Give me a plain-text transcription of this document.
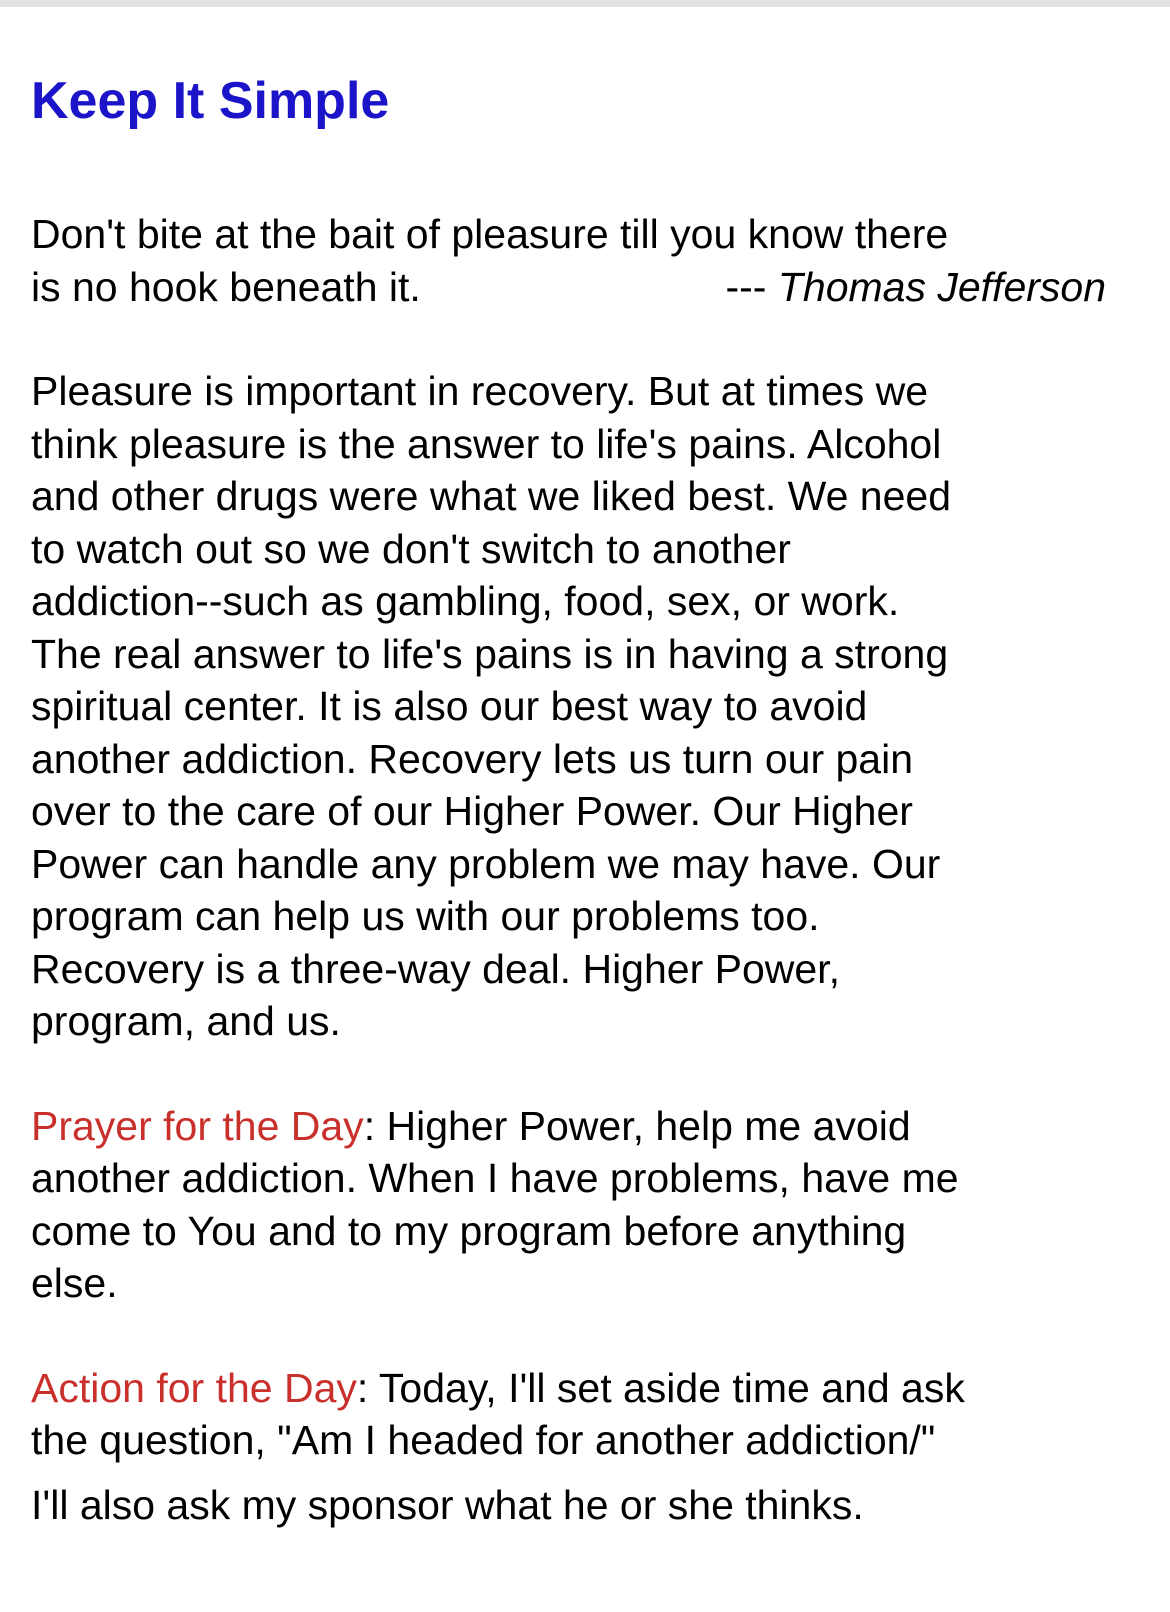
Keep It Simple
Don't bite at the bait of pleasure till you know there
is no hook beneath it.	--- Thomas Jefferson
Pleasure is important in recovery. But at times we
think pleasure is the answer to life's pains. Alcohol
and other drugs were what we liked best. We need
to watch out so we don't switch to another
addiction--such as gambling, food, sex, or work.
The real answer to life's pains is in having a strong
spiritual center. It is also our best way to avoid
another addiction. Recovery lets us turn our pain
over to the care of our Higher Power. Our Higher
Power can handle any problem we may have. Our
program can help us with our problems too.
Recovery is a three-way deal. Higher Power,
program, and us.
Prayer for the Day: Higher Power, help me avoid
another addiction. When I have problems, have me
come to You and to my program before anything
else.
Action for the Day: Today, I'll set aside time and ask
the question, "Am I headed for another addiction/"
I'll also ask my sponsor what he or she thinks.
